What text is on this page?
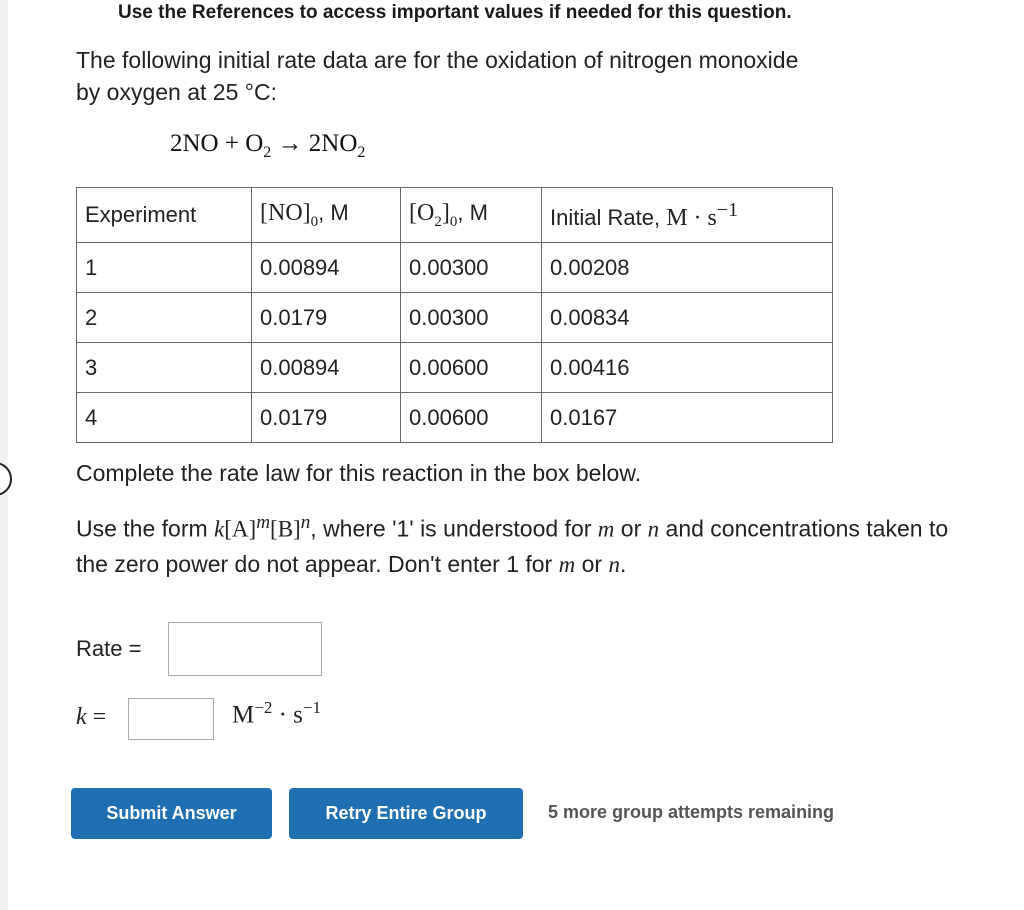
Use the References to access important values if needed for this question.
The following initial rate data are for the oxidation of nitrogen monoxide
by oxygen at 25 °C:
$2NO + O_2 \to 2NO_2$
Experiment	$[NO]_0$, M	$[O_2]_0$, M	Initial Rate, $M \cdot s^{-1}$
1	0.00894	0.00300	0.00208
2	0.0179	0.00300	0.00834
3	0.00894	0.00600	0.00416
4	0.0179	0.00600	0.0167
Complete the rate law for this reaction in the box below.
Use the form $k[A]^m[B]^n$, where '1' is understood for m or n and concentrations taken to the zero power do not appear. Don't enter 1 for m or n.
Rate =
k =	$M^{-2} \cdot s^{-1}$
Submit Answer	Retry Entire Group	5 more group attempts remaining
